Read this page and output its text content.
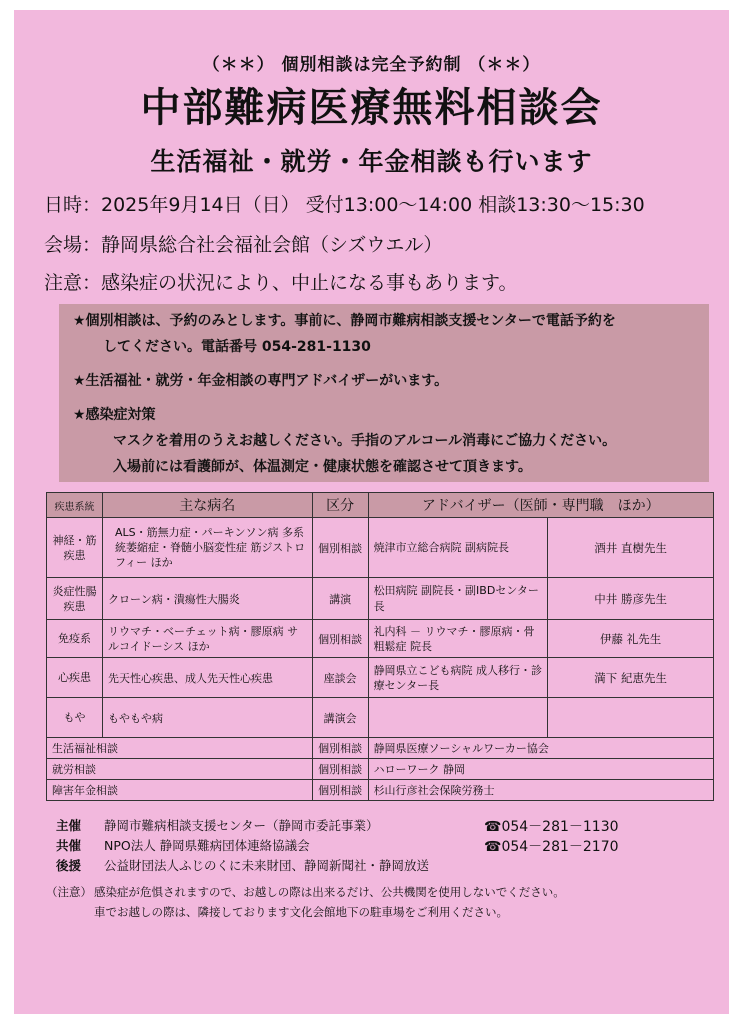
（＊＊） 個別相談は完全予約制 （＊＊）
中部難病医療無料相談会
生活福祉・就労・年金相談も行います
日時：2025年9月14日（日） 受付13:00～14:00 相談13:30～15:30
会場：静岡県総合社会福祉会館（シズウエル）
注意：感染症の状況により、中止になる事もあります。
★個別相談は、予約のみとします。事前に、静岡市難病相談支援センターで電話予約を
してください。電話番号 054-281-1130
★生活福祉・就労・年金相談の専門アドバイザーがいます。
★感染症対策
マスクを着用のうえお越しください。手指のアルコール消毒にご協力ください。
入場前には看護師が、体温測定・健康状態を確認させて頂きます。
疾患系統	主な病名	区分	アドバイザー（医師・専門職　ほか）	
神経・筋疾患	ALS・筋無力症・パーキンソン病 多系統萎縮症・脊髄小脳変性症 筋ジストロフィー ほか	個別相談	焼津市立総合病院 副病院長	酒井 直樹先生
炎症性腸疾患	クローン病・潰瘍性大腸炎	講演	松田病院 副院長・副IBDセンター長	中井 勝彦先生
免疫系	リウマチ・ベーチェット病・膠原病 サルコイドーシス ほか	個別相談	礼内科 － リウマチ・膠原病・骨粗鬆症 院長	伊藤 礼先生
心疾患	先天性心疾患、成人先天性心疾患	座談会	静岡県立こども病院 成人移行・診療センター長	満下 紀恵先生
もや	もやもや病	講演会		
生活福祉相談		個別相談	静岡県医療ソーシャルワーカー協会	
就労相談		個別相談	ハローワーク 静岡	
障害年金相談		個別相談	杉山行彦社会保険労務士	
主催 静岡市難病相談支援センター（静岡市委託事業）	☎054－281－1130
共催 NPO法人 静岡県難病団体連絡協議会	☎054－281－2170
後援 公益財団法人ふじのくに未来財団、静岡新聞社・静岡放送
（注意） 感染症が危惧されますので、お越しの際は出来るだけ、公共機関を使用しないでください。
車でお越しの際は、隣接しております文化会館地下の駐車場をご利用ください。
